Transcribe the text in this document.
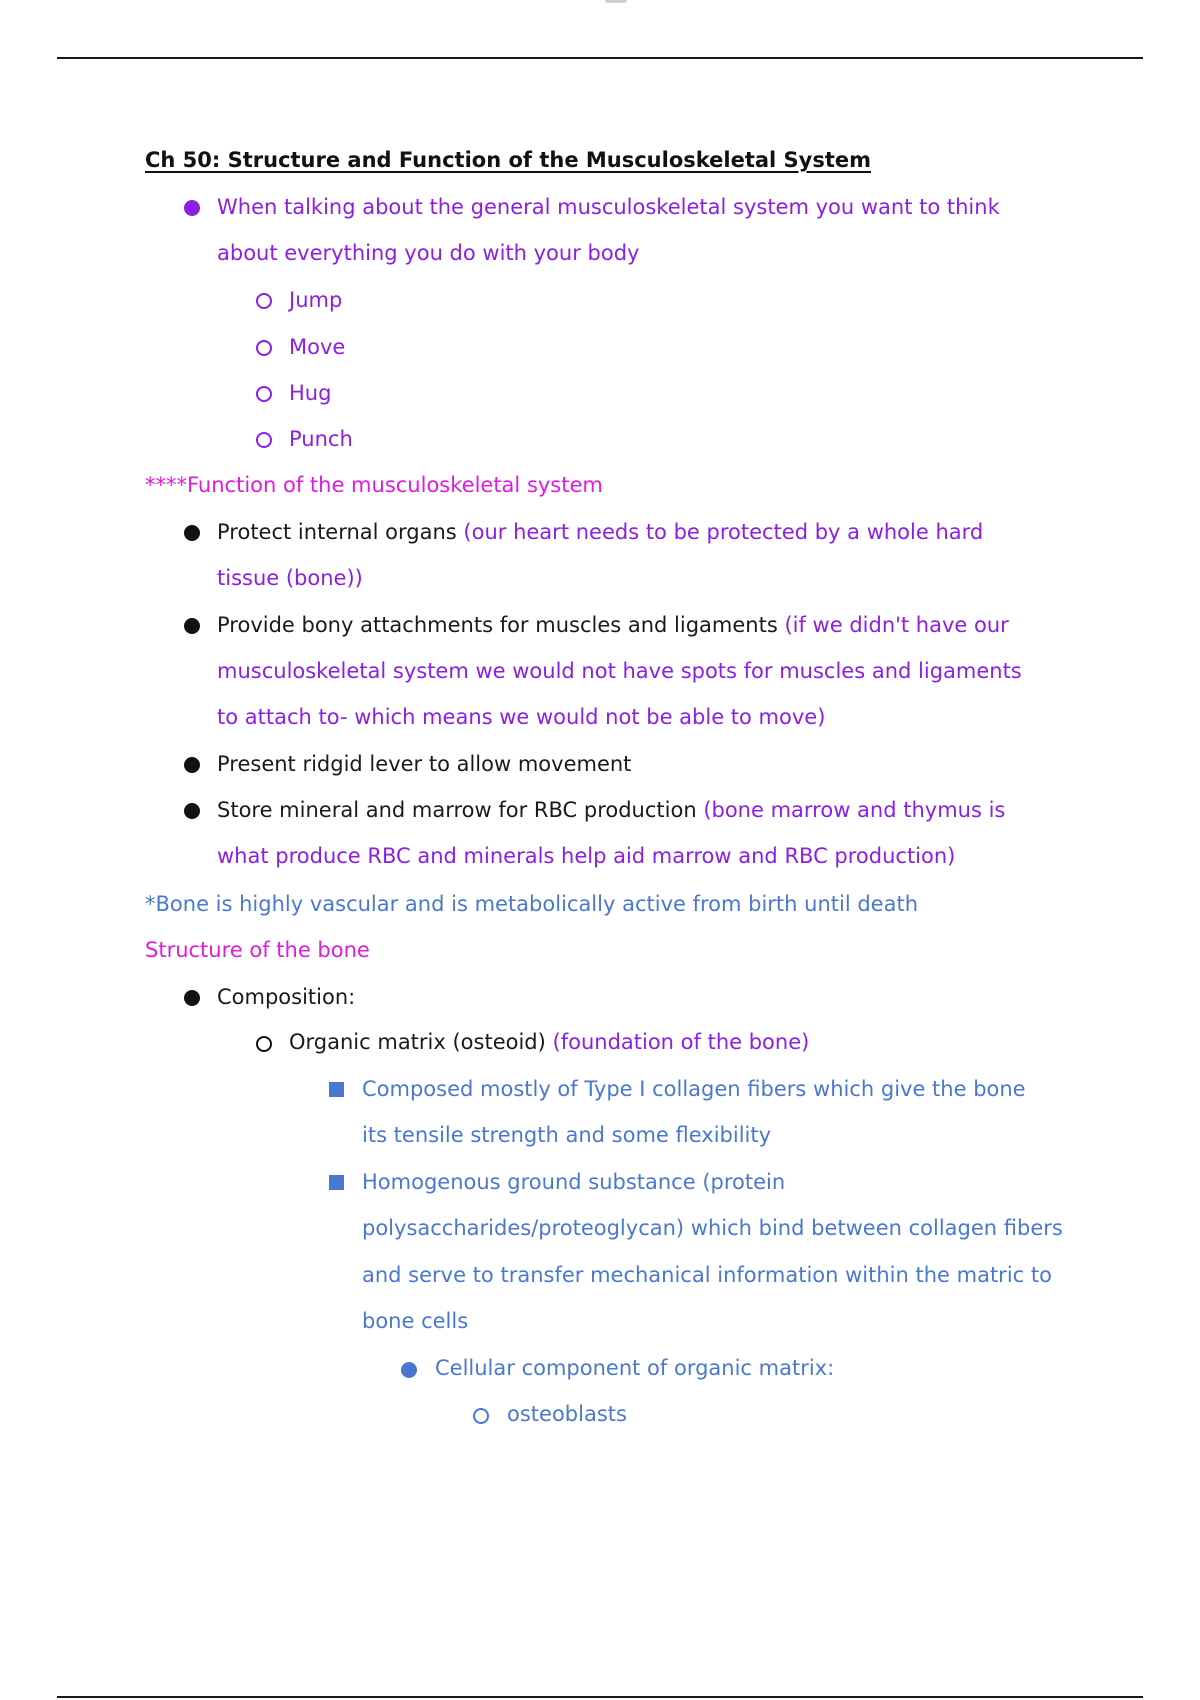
Ch 50: Structure and Function of the Musculoskeletal System
When talking about the general musculoskeletal system you want to think
about everything you do with your body
Jump
Move
Hug
Punch
****Function of the musculoskeletal system
Protect internal organs (our heart needs to be protected by a whole hard
tissue (bone))
Provide bony attachments for muscles and ligaments (if we didn't have our
musculoskeletal system we would not have spots for muscles and ligaments
to attach to- which means we would not be able to move)
Present ridgid lever to allow movement
Store mineral and marrow for RBC production (bone marrow and thymus is
what produce RBC and minerals help aid marrow and RBC production)
*Bone is highly vascular and is metabolically active from birth until death
Structure of the bone
Composition:
Organic matrix (osteoid) (foundation of the bone)
Composed mostly of Type I collagen fibers which give the bone
its tensile strength and some flexibility
Homogenous ground substance (protein
polysaccharides/proteoglycan) which bind between collagen fibers
and serve to transfer mechanical information within the matric to
bone cells
Cellular component of organic matrix:
osteoblasts
